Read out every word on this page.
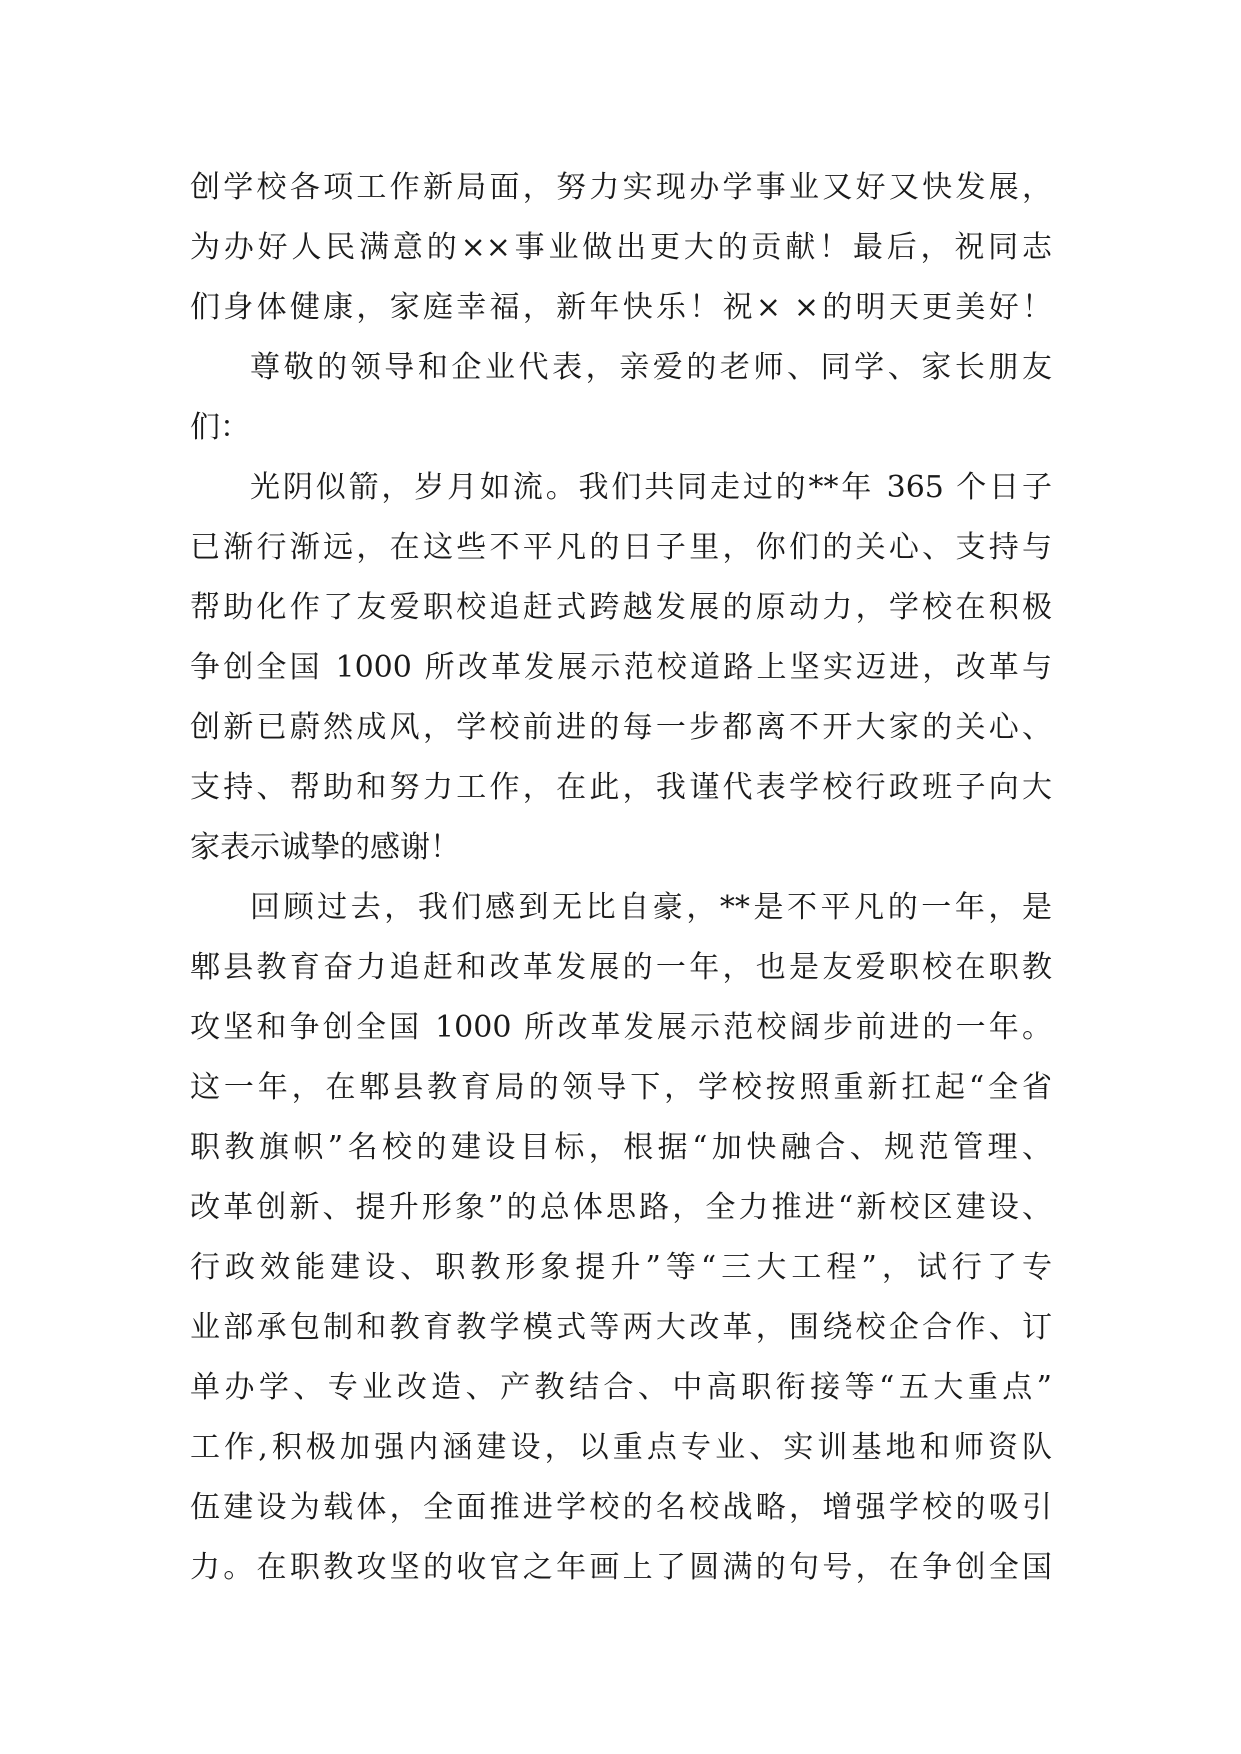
创学校各项工作新局面，努力实现办学事业又好又快发展，
为办好人民满意的××事业做出更大的贡献！最后，祝同志
们身体健康，家庭幸福，新年快乐！祝× ×的明天更美好！
尊敬的领导和企业代表，亲爱的老师、同学、家长朋友
们：
光阴似箭，岁月如流。我们共同走过的**年 365 个日子
已渐行渐远，在这些不平凡的日子里，你们的关心、支持与
帮助化作了友爱职校追赶式跨越发展的原动力，学校在积极
争创全国 1000 所改革发展示范校道路上坚实迈进，改革与
创新已蔚然成风，学校前进的每一步都离不开大家的关心、
支持、帮助和努力工作，在此，我谨代表学校行政班子向大
家表示诚挚的感谢！
回顾过去，我们感到无比自豪，**是不平凡的一年，是
郫县教育奋力追赶和改革发展的一年，也是友爱职校在职教
攻坚和争创全国 1000 所改革发展示范校阔步前进的一年。
这一年，在郫县教育局的领导下，学校按照重新扛起“全省
职教旗帜”名校的建设目标，根据“加快融合、规范管理、
改革创新、提升形象”的总体思路，全力推进“新校区建设、
行政效能建设、职教形象提升”等“三大工程”，试行了专
业部承包制和教育教学模式等两大改革，围绕校企合作、订
单办学、专业改造、产教结合、中高职衔接等“五大重点”
工作,积极加强内涵建设，以重点专业、实训基地和师资队
伍建设为载体，全面推进学校的名校战略，增强学校的吸引
力。在职教攻坚的收官之年画上了圆满的句号，在争创全国
